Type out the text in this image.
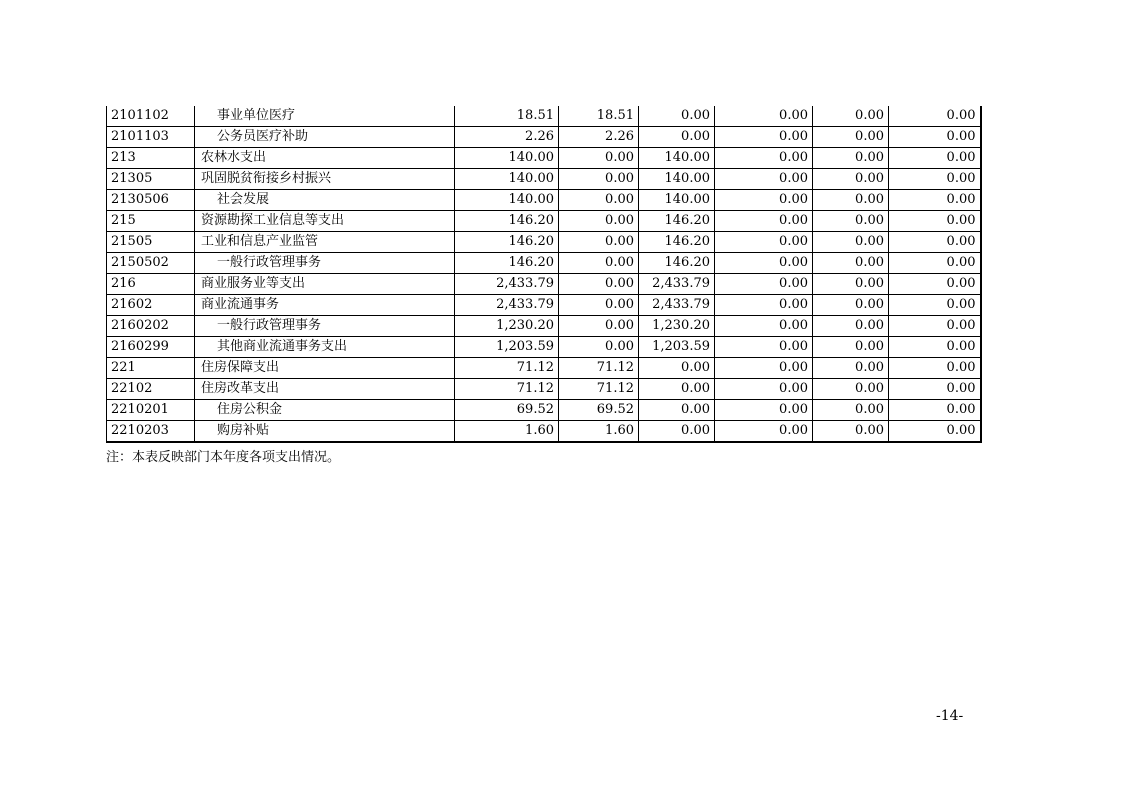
2101102	事业单位医疗	18.51	18.51	0.00	0.00	0.00	0.00
2101103	公务员医疗补助	2.26	2.26	0.00	0.00	0.00	0.00
213	农林水支出	140.00	0.00	140.00	0.00	0.00	0.00
21305	巩固脱贫衔接乡村振兴	140.00	0.00	140.00	0.00	0.00	0.00
2130506	社会发展	140.00	0.00	140.00	0.00	0.00	0.00
215	资源勘探工业信息等支出	146.20	0.00	146.20	0.00	0.00	0.00
21505	工业和信息产业监管	146.20	0.00	146.20	0.00	0.00	0.00
2150502	一般行政管理事务	146.20	0.00	146.20	0.00	0.00	0.00
216	商业服务业等支出	2,433.79	0.00	2,433.79	0.00	0.00	0.00
21602	商业流通事务	2,433.79	0.00	2,433.79	0.00	0.00	0.00
2160202	一般行政管理事务	1,230.20	0.00	1,230.20	0.00	0.00	0.00
2160299	其他商业流通事务支出	1,203.59	0.00	1,203.59	0.00	0.00	0.00
221	住房保障支出	71.12	71.12	0.00	0.00	0.00	0.00
22102	住房改革支出	71.12	71.12	0.00	0.00	0.00	0.00
2210201	住房公积金	69.52	69.52	0.00	0.00	0.00	0.00
2210203	购房补贴	1.60	1.60	0.00	0.00	0.00	0.00
注：本表反映部门本年度各项支出情况。
-14-
